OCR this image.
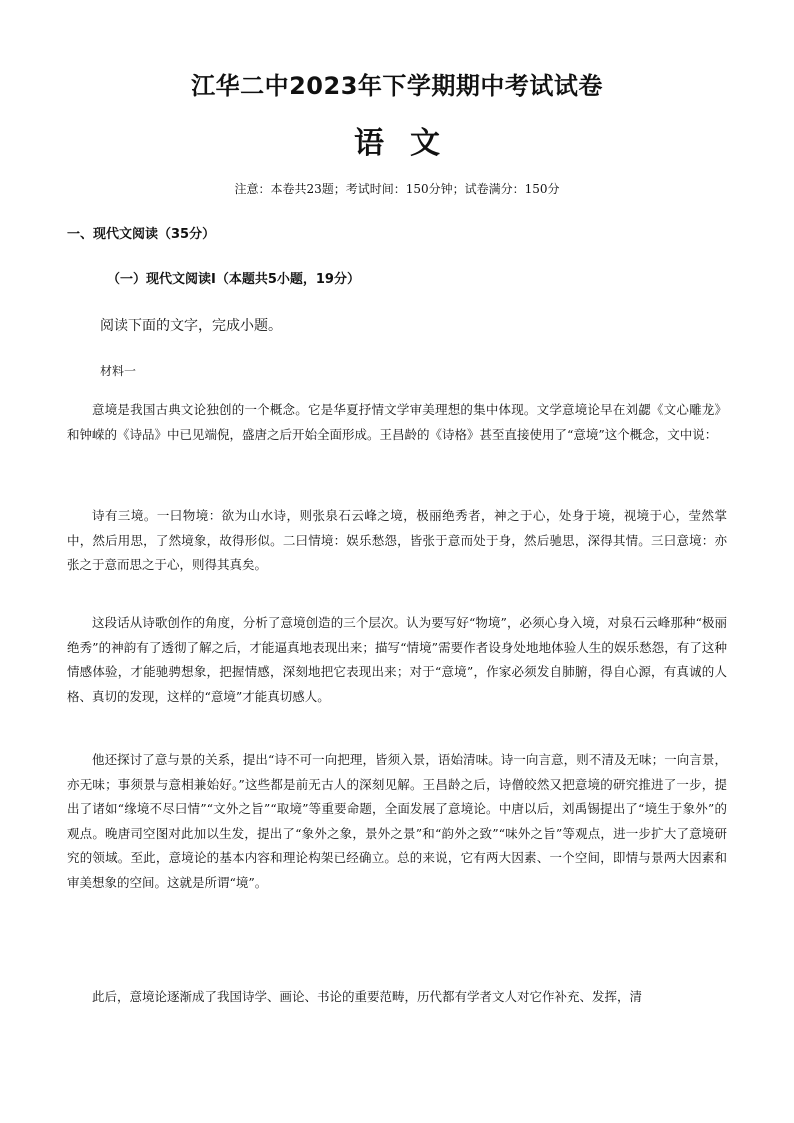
江华二中2023年下学期期中考试试卷
语文
注意：本卷共23题；考试时间：150分钟；试卷满分：150分
一、现代文阅读（35分）
（一）现代文阅读Ⅰ（本题共5小题，19分）
阅读下面的文字，完成小题。
材料一

意境是我国古典文论独创的一个概念。它是华夏抒情文学审美理想的集中体现。文学意境论早在刘勰《文心雕龙》和钟嵘的《诗品》中已见端倪，盛唐之后开始全面形成。王昌龄的《诗格》甚至直接使用了“意境”这个概念，文中说：

诗有三境。一曰物境：欲为山水诗，则张泉石云峰之境，极丽绝秀者，神之于心，处身于境，视境于心，莹然掌中，然后用思，了然境象，故得形似。二曰情境：娱乐愁怨，皆张于意而处于身，然后驰思，深得其情。三曰意境：亦张之于意而思之于心，则得其真矣。

这段话从诗歌创作的角度，分析了意境创造的三个层次。认为要写好“物境”，必须心身入境，对泉石云峰那种“极丽绝秀”的神韵有了透彻了解之后，才能逼真地表现出来；描写“情境”需要作者设身处地地体验人生的娱乐愁怨，有了这种情感体验，才能驰骋想象，把握情感，深刻地把它表现出来；对于“意境”，作家必须发自肺腑，得自心源，有真诚的人格、真切的发现，这样的“意境”才能真切感人。

他还探讨了意与景的关系，提出“诗不可一向把理，皆须入景，语始清味。诗一向言意，则不清及无味；一向言景，亦无味；事须景与意相兼始好。”这些都是前无古人的深刻见解。王昌龄之后，诗僧皎然又把意境的研究推进了一步，提出了诸如“缘境不尽曰情”“文外之旨”“取境”等重要命题，全面发展了意境论。中唐以后，刘禹锡提出了“境生于象外”的观点。晚唐司空图对此加以生发，提出了“象外之象，景外之景”和“韵外之致”“味外之旨”等观点，进一步扩大了意境研究的领域。至此，意境论的基本内容和理论构架已经确立。总的来说，它有两大因素、一个空间，即情与景两大因素和审美想象的空间。这就是所谓“境”。

此后，意境论逐渐成了我国诗学、画论、书论的重要范畴，历代都有学者文人对它作补充、发挥，清
